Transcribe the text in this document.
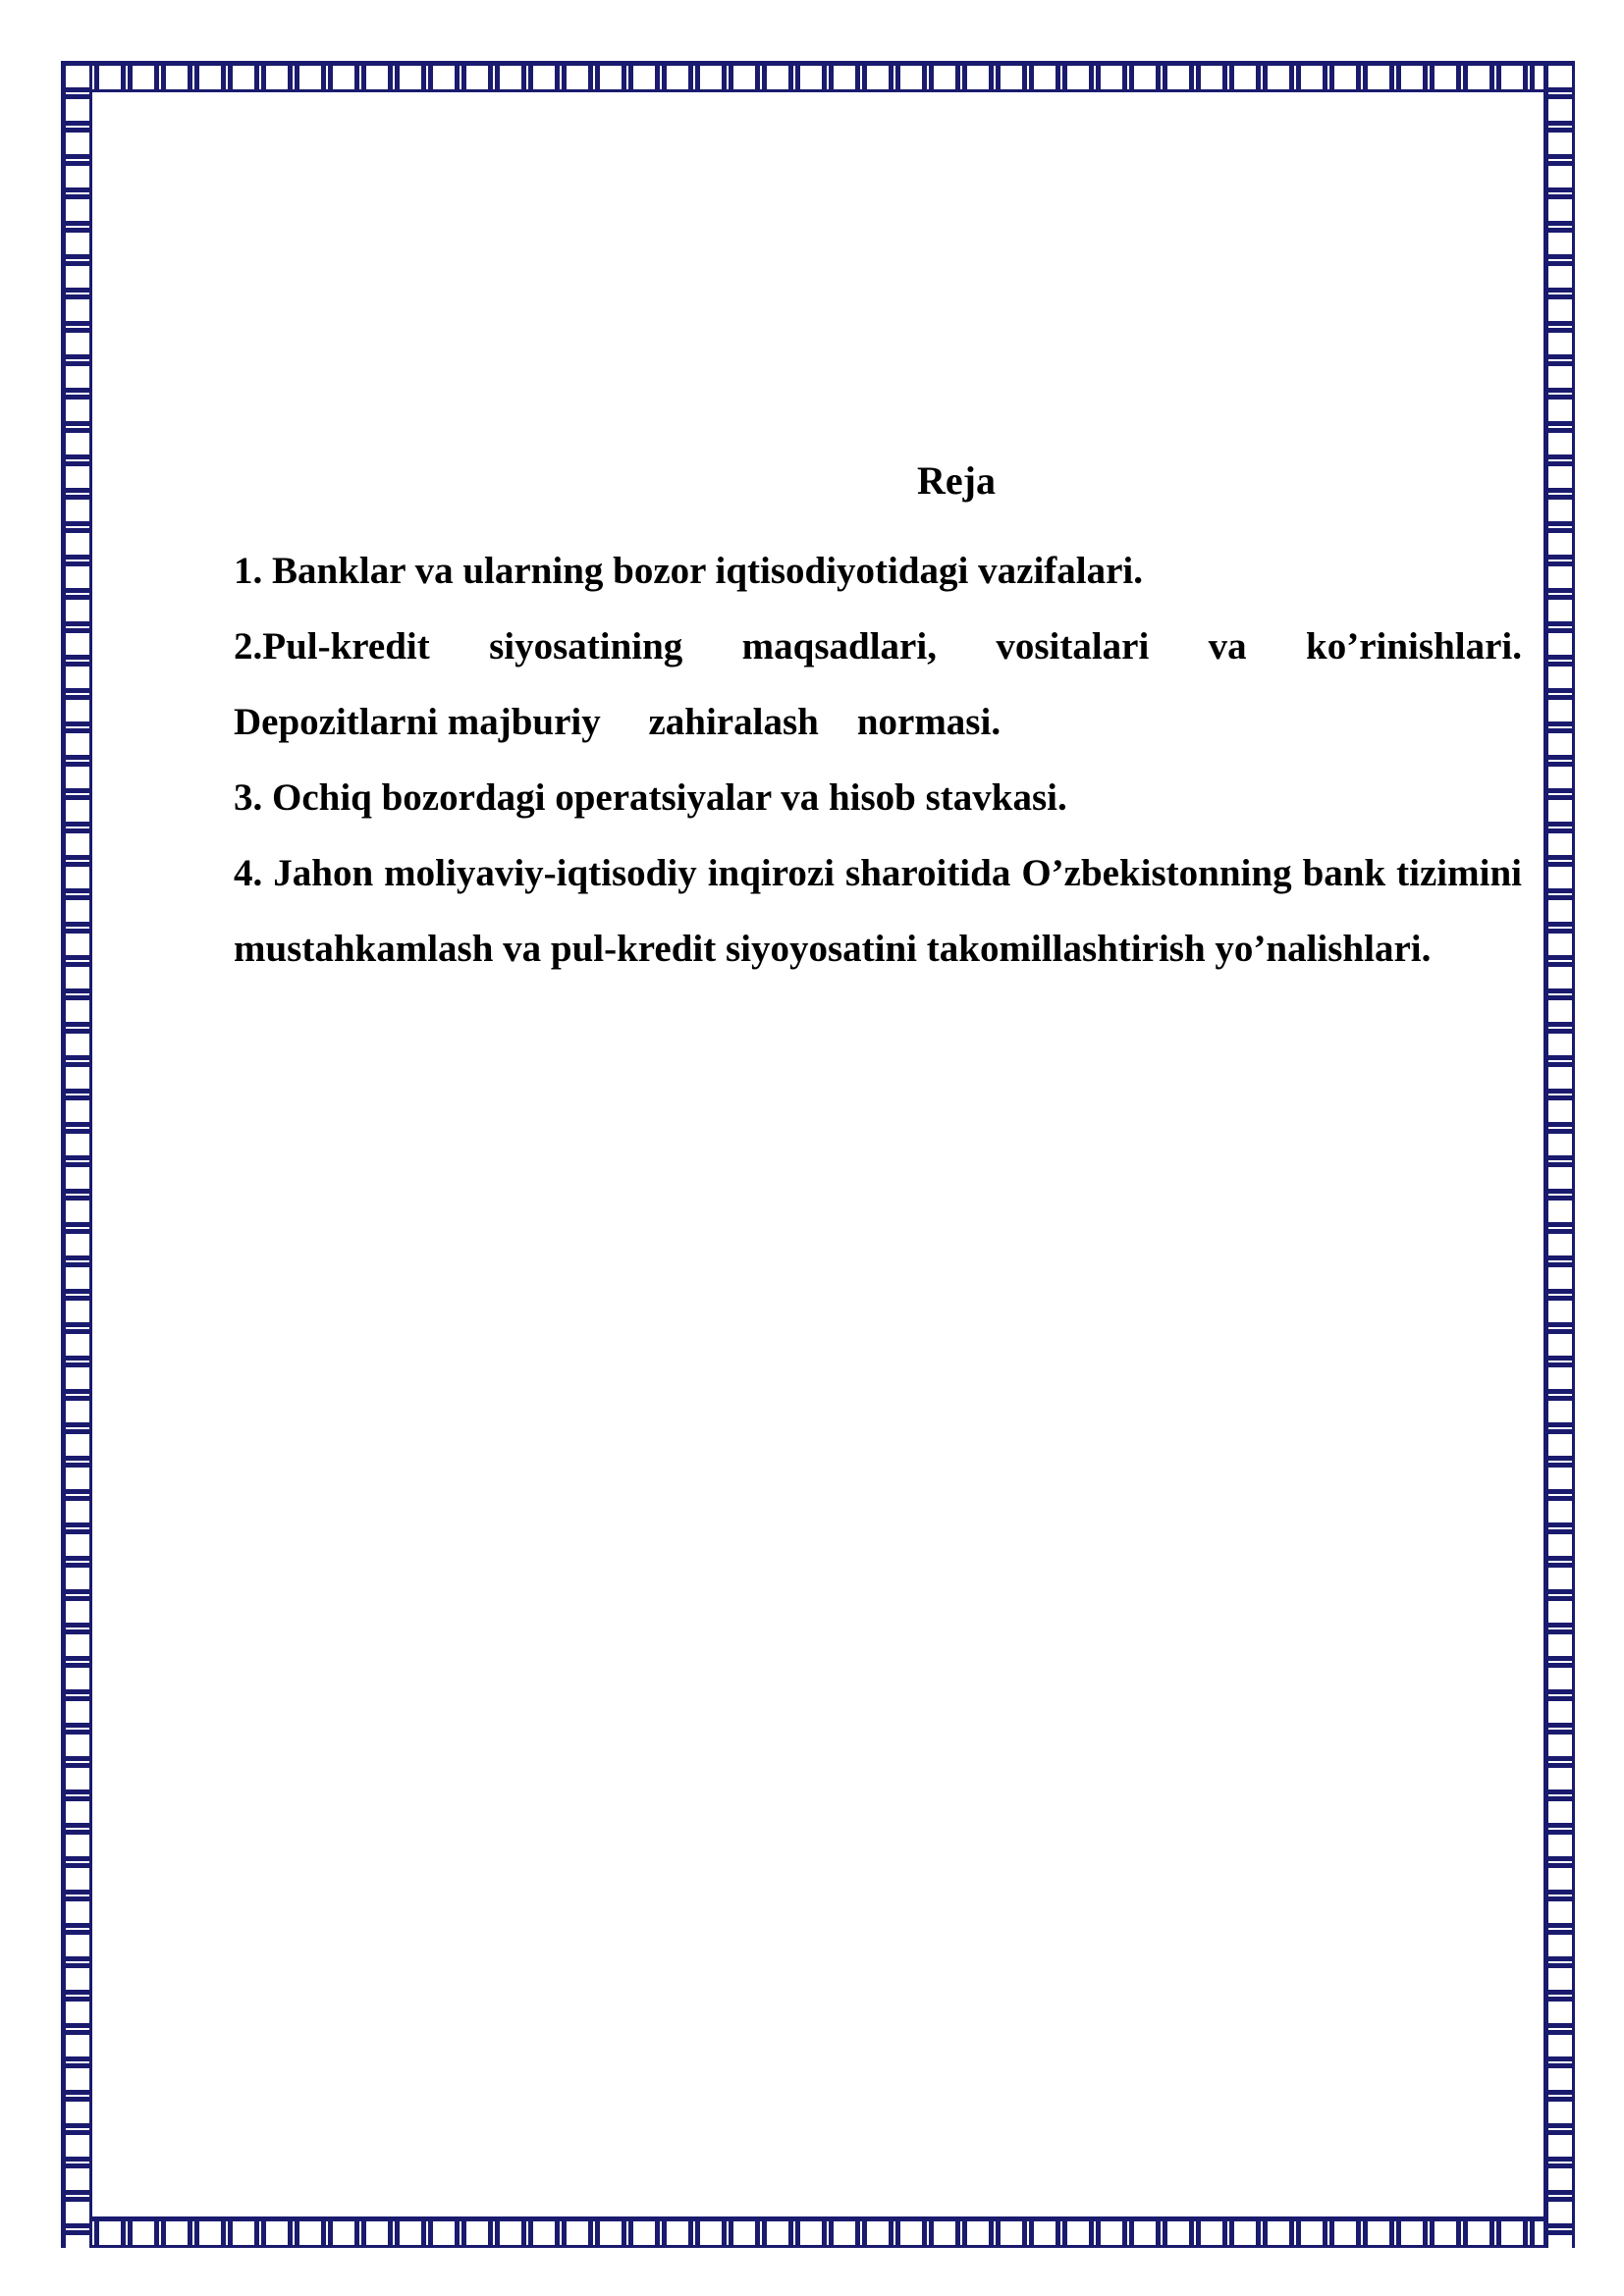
Reja

1. Banklar va ularning bozor iqtisodiyotidagi vazifalari.

2.Pul-kredit siyosatining maqsadlari, vositalari va ko’rinishlari.

Depozitlarni majburiy     zahiralash    normasi.

3. Ochiq bozordagi operatsiyalar va hisob stavkasi.

4. Jahon moliyaviy-iqtisodiy inqirozi sharoitida O’zbekistonning bank tizimini mustahkamlash va pul-kredit siyoyosatini takomillashtirish yo’nalishlari.
